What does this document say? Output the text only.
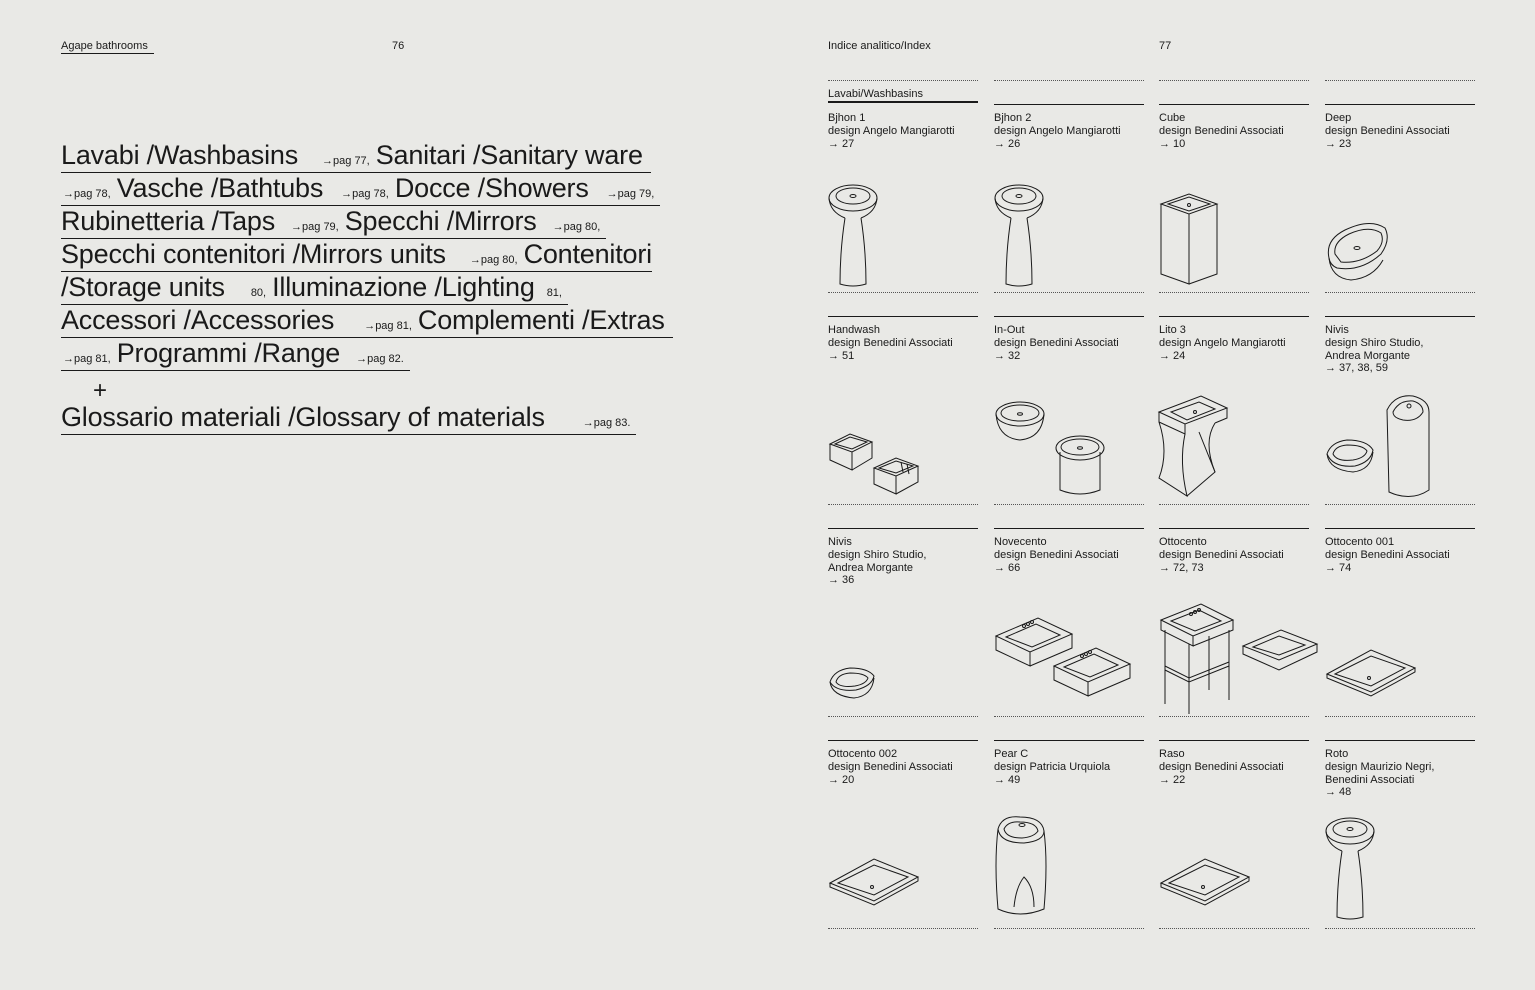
Agape bathrooms	76	Indice analitico/Index	77
Lavabi /Washbasins →pag 77, Sanitari /Sanitary ware
→pag 78, Vasche /Bathtubs →pag 78, Docce /Showers →pag 79,
Rubinetteria /Taps →pag 79, Specchi /Mirrors →pag 80,
Specchi contenitori /Mirrors units →pag 80, Contenitori
/Storage units 80, Illuminazione /Lighting 81,
Accessori /Accessories	→pag 81, Complementi /Extras
→pag 81, Programmi /Range →pag 82.
+
Glossario materiali /Glossary of materials	→pag 83.
Lavabi/Washbasins
Bjhon 1
design Angelo Mangiarotti
→ 27
Bjhon 2
design Angelo Mangiarotti
→ 26
Cube
design Benedini Associati
→ 10
Deep
design Benedini Associati
→ 23
Handwash
design Benedini Associati
→ 51
In-Out
design Benedini Associati
→ 32
Lito 3
design Angelo Mangiarotti
→ 24
Nivis
design Shiro Studio,
Andrea Morgante
→ 37, 38, 59
Nivis
design Shiro Studio,
Andrea Morgante
→ 36
Novecento
design Benedini Associati
→ 66
Ottocento
design Benedini Associati
→ 72, 73
Ottocento 001
design Benedini Associati
→ 74
Ottocento 002
design Benedini Associati
→ 20
Pear C
design Patricia Urquiola
→ 49
Raso
design Benedini Associati
→ 22
Roto
design Maurizio Negri,
Benedini Associati
→ 48
